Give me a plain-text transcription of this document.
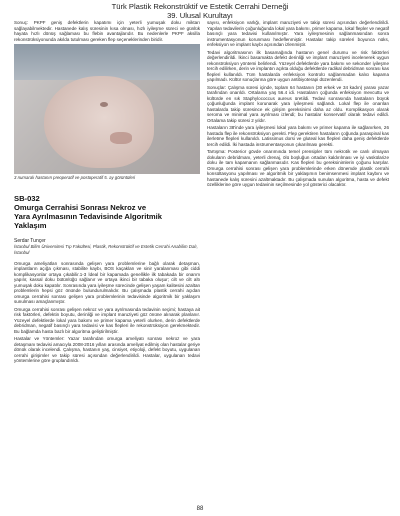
Türk Plastik Rekonstrüktif ve Estetik Cerrahi Derneği
39. Ulusal Kurultayı

Sonuç: PKPF geniş defektlerin kapatımı için yeterli yumuşak doku miktarı sağlayabilmektedir. Hastanede kalış süresinin kısa olması, hızlı iyileşme süreci ve günlük hayata hızlı dönüş sağlaması bu flebin avantajlarıdır. Bu nedenlerle PKPF aksilla rekonstrüksiyonunda akılda tutulması gereken flep seçeneklerinden biridir.

3 numaralı hastanın preoperatif ve postoperatif 5. ay görüntüleri

SB-032

Omurga Cerrahisi Sonrası Nekroz ve
Yara Ayrılmasının Tedavisinde Algoritmik
Yaklaşım

Serdar Tunçer

İstanbul Bilim Üniversitesi Tıp Fakültesi, Plastik, Rekonstrüktif ve Estetik Cerrahi Anabilim Dalı, İstanbul

Omurga ameliyatları sonrasında gelişen yara problemlerine bağlı olarak detaşman, implantların açığa çıkması, stabilite kaybı, BOS kaçakları ve sinir yaralanması gibi ciddi komplikasyonlar ortaya çıkabilir.1-3 İdeal bir kapamada genellikle ilk tabakada bir onarım yapılır, kassal doku bütünlüğü sağlanır ve ortaya ikinci bir tabaka oluşur; cilt ve cilt altı yumuşak doku kapatılır. Sonrasında yara iyileşme sürecinde gelişen yaşam kalitesini azaltan problemlerin hepsi göz önünde bulundurulmalıdır. Bu çalışmada plastik cerrahi açıdan omurga cerrahisi sonrası gelişen yara problemlerinin tedavisinde algoritmik bir yaklaşım sunulması amaçlanmıştır.

Omurga cerrahisi sonrası gelişen nekroz ve yara ayrılmasında tedavinin seçimi; hastaya ait risk faktörleri, defektin boyutu, derinliği ve implant maruziyeti göz önüne alınarak planlanır. Yüzeyel defektlerde lokal yara bakımı ve primer kapama yeterli olurken, derin defektlerde debridman, negatif basınçlı yara tedavisi ve kas flepleri ile rekonstrüksiyon gerekmektedir. Bu bağlamda hasta bazlı bir algoritma geliştirilmiştir.

Hastalar ve Yöntemler: Yazar tarafından omurga ameliyatı sonrası nekroz ve yara detaşmanı tedavisi amacıyla 2008-2016 yılları arasında ameliyat edilmiş olan hastalar geriye dönük olarak incelendi. Çalışma, hastanın yaş, cinsiyet, etiyoloji, defekt boyutu, uygulanan cerrahi girişimler ve takip süresi açısından değerlendirildi. Hastalar, uygulanan tedavi yöntemlerine göre gruplandırıldı.

sayısı, enfeksiyon varlığı, implant maruziyeti ve takip süresi açısından değerlendirildi. Yapılan tedavilerin çoğunluğunda lokal yara bakımı, primer kapama, lokal flepler ve negatif basınçlı yara tedavisi kullanılmıştır. Yara iyileşmesinin sağlanmasından sonra instrumentasyonun korunması hedeflenmiştir. Hastalar takip süreleri boyunca nüks, enfeksiyon ve implant kaybı açısından izlenmiştir.

Tedavi algoritmasının ilk basamağında hastanın genel durumu ve risk faktörleri değerlendirildi. İkinci basamakta defekt derinliği ve implant maruziyeti incelenerek uygun rekonstrüksiyon yöntemi belirlendi. Yüzeyel defektlerde yara bakımı ve sekonder iyileşme tercih edilirken, derin ve implantın açıkta olduğu defektlerde radikal debridman sonrası kas flepleri kullanıldı. Tüm hastalarda enfeksiyon kontrolü sağlanmadan kalıcı kapama yapılmadı. Kültür sonuçlarına göre uygun antibiyoterapi düzenlendi.

Sonuçlar: Çalışma süresi içinde, toplam 64 hastanın (30 erkek ve 34 kadın) yarası yazar tarafından onarıldı. Ortalama yaş 56.4 idi. Hastaların çoğunda enfeksiyon mevcuttu ve kültürde en sık Staphylococcus aureus üretildi. Tedavi sonrasında hastaların büyük çoğunluğunda implant korunarak yara iyileşmesi sağlandı. Lokal flep ile onarılan hastalarda takip süresince ek girişim gereksinimi daha az oldu. Komplikasyon olarak seroma ve minimal yara ayrılması izlendi; bu hastalar konservatif olarak tedavi edildi. Ortalama takip süresi 2 yıldır.

Hastaların 38'inde yara iyileşmesi lokal yara bakımı ve primer kapama ile sağlanırken, 26 hastada flep ile rekonstrüksiyon gerekti. Flep gerektiren hastaların çoğunda paraspinal kas ilerletme flepleri kullanıldı. Latissimus dorsi ve gluteal kas flepleri daha geniş defektlerde tercih edildi. İki hastada instrumentasyonun çıkarılması gerekti.

Tartışma: Posterior gövde onarımında temel prensipler tüm nekrotik ve canlı olmayan dokuların debridmanı, yeterli drenaj, ölü boşluğun ortadan kaldırılması ve iyi vaskülarize doku ile tam kapamanın sağlanmasıdır. Kas flepleri bu gereksinimlerin çoğunu karşılar. Omurga cerrahisi sonrası gelişen yara problemlerinde erken dönemde plastik cerrahi konsültasyonu yapılması ve algoritmik bir yaklaşımın benimsenmesi implant kaybını ve hastanede kalış süresini azaltmaktadır. Bu çalışmada sunulan algoritma, hasta ve defekt özelliklerine göre uygun tedavinin seçilmesinde yol gösterici olacaktır.

88
